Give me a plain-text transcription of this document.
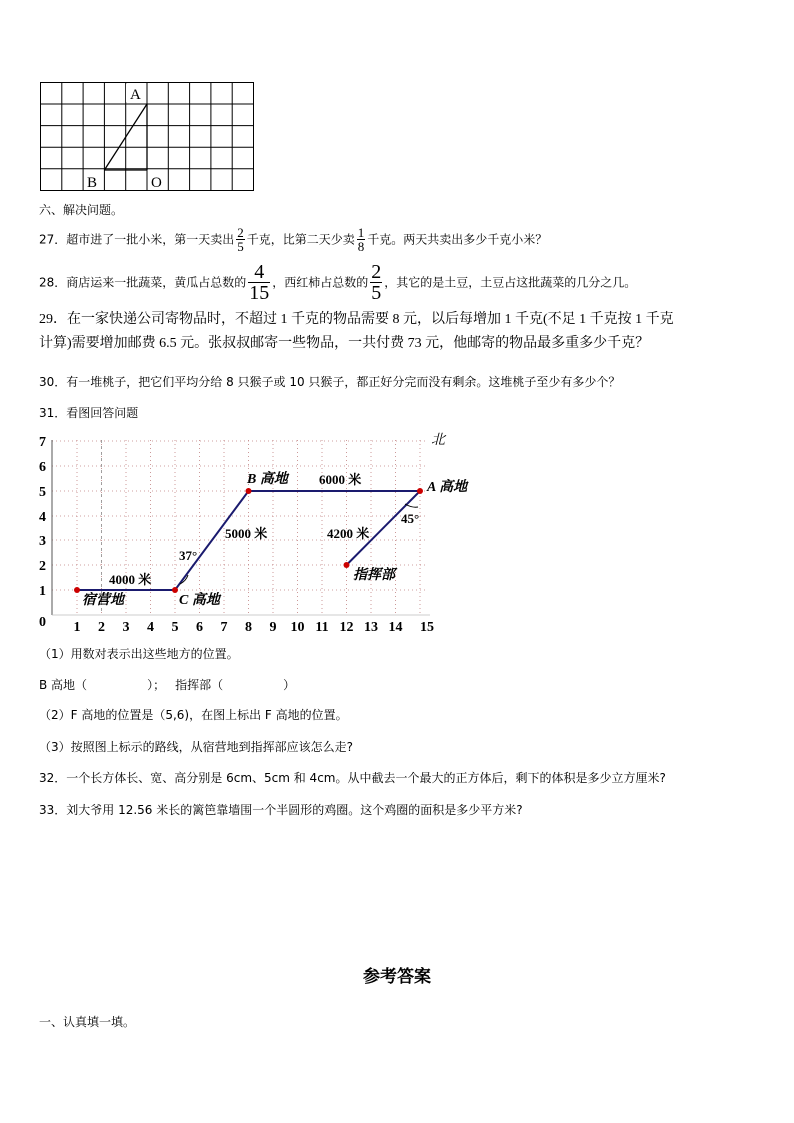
A
B	O
六、解决问题。
27．超市进了一批小米，第一天卖出 $\frac{2}{5}$ 千克，比第二天少卖 $\frac{1}{8}$ 千克。两天共卖出多少千克小米？
28．商店运来一批蔬菜，黄瓜占总数的 $\frac{4}{15}$ ，西红柿占总数的 $\frac{2}{5}$ ，其它的是土豆，土豆占这批蔬菜的几分之几。
29．在一家快递公司寄物品时，不超过 1 千克的物品需要 8 元，以后每增加 1 千克(不足 1 千克按 1 千克
计算)需要增加邮费 6.5 元。张叔叔邮寄一些物品，一共付费 73 元，他邮寄的物品最多重多少千克？
30．有一堆桃子，把它们平均分给 8 只猴子或 10 只猴子，都正好分完而没有剩余。这堆桃子至少有多少个？
31．看图回答问题
7
6
5
4
3
2
1
0 1 2 3 4 5 6 7 8 9 10 11 12 13 14 15
北
宿营地	C 高地
B 高地
A 高地
指挥部
4000 米
5000 米
6000 米
4200 米
37°
45°
（1）用数对表示出这些地方的位置。
B 高地（	）； 指挥部（	）
（2）F 高地的位置是（5,6)，在图上标出 F 高地的位置。
（3）按照图上标示的路线，从宿营地到指挥部应该怎么走?
32．一个长方体长、宽、高分别是 6cm、5cm 和 4cm。从中截去一个最大的正方体后，剩下的体积是多少立方厘米?
33．刘大爷用 12.56 米长的篱笆靠墙围一个半圆形的鸡圈。这个鸡圈的面积是多少平方米?
参考答案
一、认真填一填。
